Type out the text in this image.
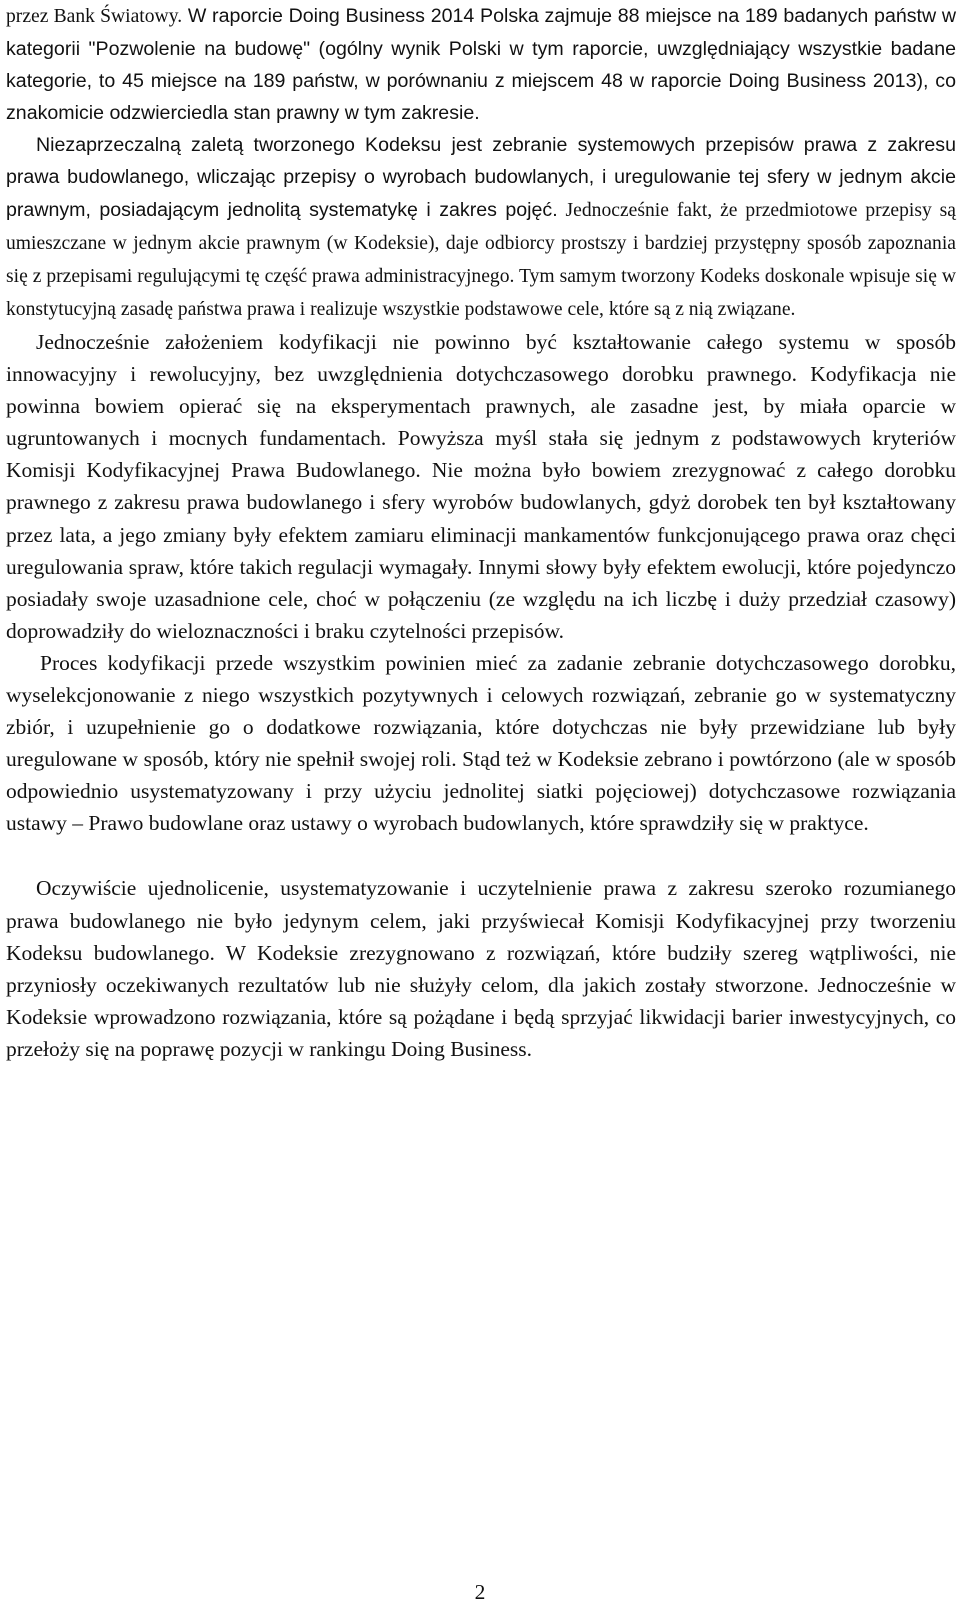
przez Bank Światowy. W raporcie Doing Business 2014 Polska zajmuje 88 miejsce na 189 badanych państw w kategorii "Pozwolenie na budowę" (ogólny wynik Polski w tym raporcie, uwzględniający wszystkie badane kategorie, to 45 miejsce na 189 państw, w porównaniu z miejscem 48 w raporcie Doing Business 2013), co znakomicie odzwierciedla stan prawny w tym zakresie.

Niezaprzeczalną zaletą tworzonego Kodeksu jest zebranie systemowych przepisów prawa z zakresu prawa budowlanego, wliczając przepisy o wyrobach budowlanych, i uregulowanie tej sfery w jednym akcie prawnym, posiadającym jednolitą systematykę i zakres pojęć. Jednocześnie fakt, że przedmiotowe przepisy są umieszczane w jednym akcie prawnym (w Kodeksie), daje odbiorcy prostszy i bardziej przystępny sposób zapoznania się z przepisami regulującymi tę część prawa administracyjnego. Tym samym tworzony Kodeks doskonale wpisuje się w konstytucyjną zasadę państwa prawa i realizuje wszystkie podstawowe cele, które są z nią związane.

Jednocześnie założeniem kodyfikacji nie powinno być kształtowanie całego systemu w sposób innowacyjny i rewolucyjny, bez uwzględnienia dotychczasowego dorobku prawnego. Kodyfikacja nie powinna bowiem opierać się na eksperymentach prawnych, ale zasadne jest, by miała oparcie w ugruntowanych i mocnych fundamentach. Powyższa myśl stała się jednym z podstawowych kryteriów Komisji Kodyfikacyjnej Prawa Budowlanego. Nie można było bowiem zrezygnować z całego dorobku prawnego z zakresu prawa budowlanego i sfery wyrobów budowlanych, gdyż dorobek ten był kształtowany przez lata, a jego zmiany były efektem zamiaru eliminacji mankamentów funkcjonującego prawa oraz chęci uregulowania spraw, które takich regulacji wymagały. Innymi słowy były efektem ewolucji, które pojedynczo posiadały swoje uzasadnione cele, choć w połączeniu (ze względu na ich liczbę i duży przedział czasowy) doprowadziły do wieloznaczności i braku czytelności przepisów.

Proces kodyfikacji przede wszystkim powinien mieć za zadanie zebranie dotychczasowego dorobku, wyselekcjonowanie z niego wszystkich pozytywnych i celowych rozwiązań, zebranie go w systematyczny zbiór, i uzupełnienie go o dodatkowe rozwiązania, które dotychczas nie były przewidziane lub były uregulowane w sposób, który nie spełnił swojej roli. Stąd też w Kodeksie zebrano i powtórzono (ale w sposób odpowiednio usystematyzowany i przy użyciu jednolitej siatki pojęciowej) dotychczasowe rozwiązania ustawy – Prawo budowlane oraz ustawy o wyrobach budowlanych, które sprawdziły się w praktyce.

Oczywiście ujednolicenie, usystematyzowanie i uczytelnienie prawa z zakresu szeroko rozumianego prawa budowlanego nie było jedynym celem, jaki przyświecał Komisji Kodyfikacyjnej przy tworzeniu Kodeksu budowlanego. W Kodeksie zrezygnowano z rozwiązań, które budziły szereg wątpliwości, nie przyniosły oczekiwanych rezultatów lub nie służyły celom, dla jakich zostały stworzone. Jednocześnie w Kodeksie wprowadzono rozwiązania, które są pożądane i będą sprzyjać likwidacji barier inwestycyjnych, co przełoży się na poprawę pozycji w rankingu Doing Business.

2
